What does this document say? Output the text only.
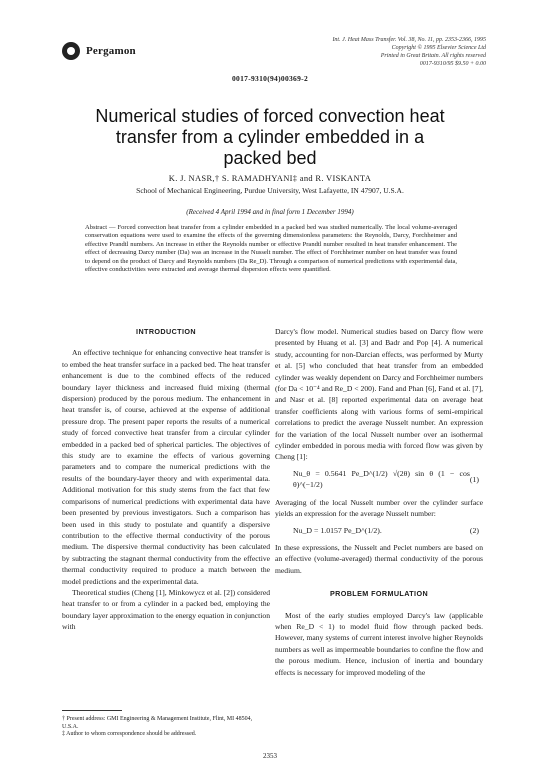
Pergamon
Int. J. Heat Mass Transfer. Vol. 38, No. 11, pp. 2353-2366, 1995
Copyright © 1995 Elsevier Science Ltd
Printed in Great Britain. All rights reserved
0017-9310/95 $9.50 + 0.00
0017-9310(94)00369-2
Numerical studies of forced convection heat
transfer from a cylinder embedded in a
packed bed
K. J. NASR,† S. RAMADHYANI‡ and R. VISKANTA
School of Mechanical Engineering, Purdue University, West Lafayette, IN 47907, U.S.A.
(Received 4 April 1994 and in final form 1 December 1994)
Abstract — Forced convection heat transfer from a cylinder embedded in a packed bed was studied numerically. The local volume-averaged conservation equations were used to examine the effects of the governing dimensionless parameters: the Reynolds, Darcy, Forchheimer and effective Prandtl numbers. An increase in either the Reynolds number or effective Prandtl number resulted in heat transfer enhancement. The effect of decreasing Darcy number (Da) was an increase in the Nusselt number. The effect of Forchheimer number on heat transfer was found to depend on the product of Darcy and Reynolds numbers (Da Re_D). Through a comparison of numerical predictions with experimental data, effective conductivities were extracted and average thermal dispersion effects were quantified.
INTRODUCTION

An effective technique for enhancing convective heat transfer is to embed the heat transfer surface in a packed bed. The heat transfer enhancement is due to the combined effects of the reduced boundary layer thickness and increased fluid mixing (thermal dispersion) produced by the porous medium. The enhancement in heat transfer is, of course, achieved at the expense of additional pressure drop. The present paper reports the results of a numerical study of forced convective heat transfer from a circular cylinder embedded in a packed bed of spherical particles. The objectives of this study are to examine the effects of various governing parameters and to compare the numerical predictions with the results of the boundary-layer theory and with experimental data. Additional motivation for this study stems from the fact that few comparisons of numerical predictions with experimental data have been presented by previous investigators. Such a comparison has been used in this study to postulate and quantify a dispersive contribution to the effective thermal conductivity of the porous medium. The dispersive thermal conductivity has been calculated by subtracting the stagnant thermal conductivity from the effective thermal conductivity required to produce a match between the model predictions and the experimental data.

Theoretical studies (Cheng [1], Minkowycz et al. [2]) considered heat transfer to or from a cylinder in a packed bed, employing the boundary layer approximation to the energy equation in conjunction with

Darcy's flow model. Numerical studies based on Darcy flow were presented by Huang et al. [3] and Badr and Pop [4]. A numerical study, accounting for non-Darcian effects, was performed by Murty et al. [5] who concluded that heat transfer from an embedded cylinder was weakly dependent on Darcy and Forchheimer numbers (for Da < 10⁻⁴ and Re_D < 200). Fand and Phan [6], Fand et al. [7], and Nasr et al. [8] reported experimental data on average heat transfer coefficients along with various forms of semi-empirical correlations to predict the average Nusselt number. An expression for the variation of the local Nusselt number over an isothermal cylinder embedded in porous media with forced flow was given by Cheng [1]:

Nu_θ = 0.5641 Pe_D^(1/2) √(2θ) sin θ (1 − cos θ)^(−1/2)
(1)

Averaging of the local Nusselt number over the cylinder surface yields an expression for the average Nusselt number:

Nu_D = 1.0157 Pe_D^(1/2).	(2)

In these expressions, the Nusselt and Peclet numbers are based on an effective (volume-averaged) thermal conductivity of the porous medium.

PROBLEM FORMULATION

Most of the early studies employed Darcy's law (applicable when Re_D < 1) to model fluid flow through packed beds. However, many systems of current interest involve higher Reynolds numbers as well as impermeable boundaries to confine the flow and the porous medium. Hence, inclusion of inertia and boundary effects is necessary for improved modeling of the

† Present address: GMI Engineering & Management Institute, Flint, MI 48504, U.S.A.
‡ Author to whom correspondence should be addressed.
2353
